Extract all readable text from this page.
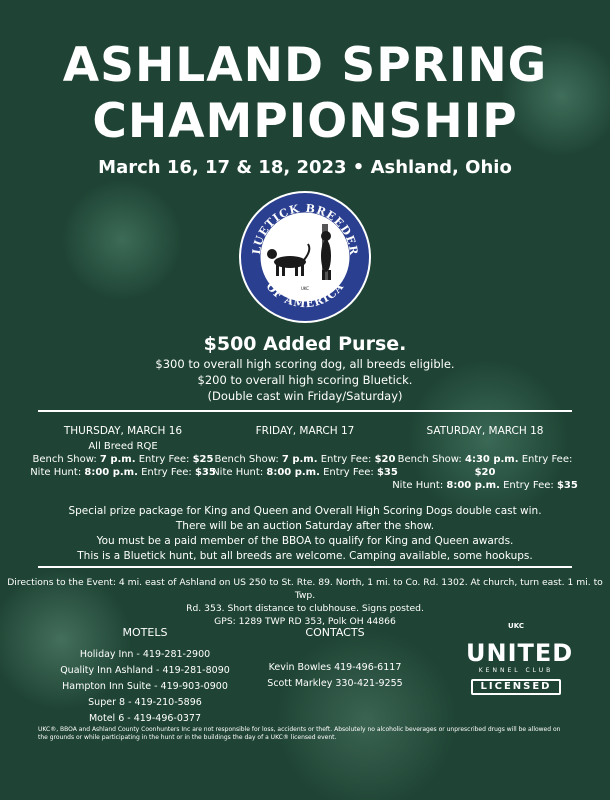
ASHLAND SPRING
CHAMPIONSHIP
March 16, 17 & 18, 2023 • Ashland, Ohio
LUETICK BREEDER
OF AMERICA
UKC
$500 Added Purse.
$300 to overall high scoring dog, all breeds eligible.
$200 to overall high scoring Bluetick.
(Double cast win Friday/Saturday)
THURSDAY, MARCH 16
All Breed RQE
Bench Show: 7 p.m. Entry Fee: $25
Nite Hunt: 8:00 p.m. Entry Fee: $35
FRIDAY, MARCH 17
Bench Show: 7 p.m. Entry Fee: $20
Nite Hunt: 8:00 p.m. Entry Fee: $35
SATURDAY, MARCH 18
Bench Show: 4:30 p.m. Entry Fee: $20
Nite Hunt: 8:00 p.m. Entry Fee: $35
Special prize package for King and Queen and Overall High Scoring Dogs double cast win.
There will be an auction Saturday after the show.
You must be a paid member of the BBOA to qualify for King and Queen awards.
This is a Bluetick hunt, but all breeds are welcome. Camping available, some hookups.
Directions to the Event: 4 mi. east of Ashland on US 250 to St. Rte. 89. North, 1 mi. to Co. Rd. 1302. At church, turn east. 1 mi. to Twp.
Rd. 353. Short distance to clubhouse. Signs posted.
GPS: 1289 TWP RD 353, Polk OH 44866
MOTELS
Holiday Inn - 419-281-2900
Quality Inn Ashland - 419-281-8090
Hampton Inn Suite - 419-903-0900
Super 8 - 419-210-5896
Motel 6 - 419-496-0377
CONTACTS
Kevin Bowles 419-496-6117
Scott Markley 330-421-9255
UKC
UNITED
KENNEL CLUB
LICENSED
UKC®, BBOA and Ashland County Coonhunters Inc are not responsible for loss, accidents or theft. Absolutely no alcoholic beverages or unprescribed drugs will be allowed on the grounds or while participating in the hunt or in the buildings the day of a UKC® licensed event.
